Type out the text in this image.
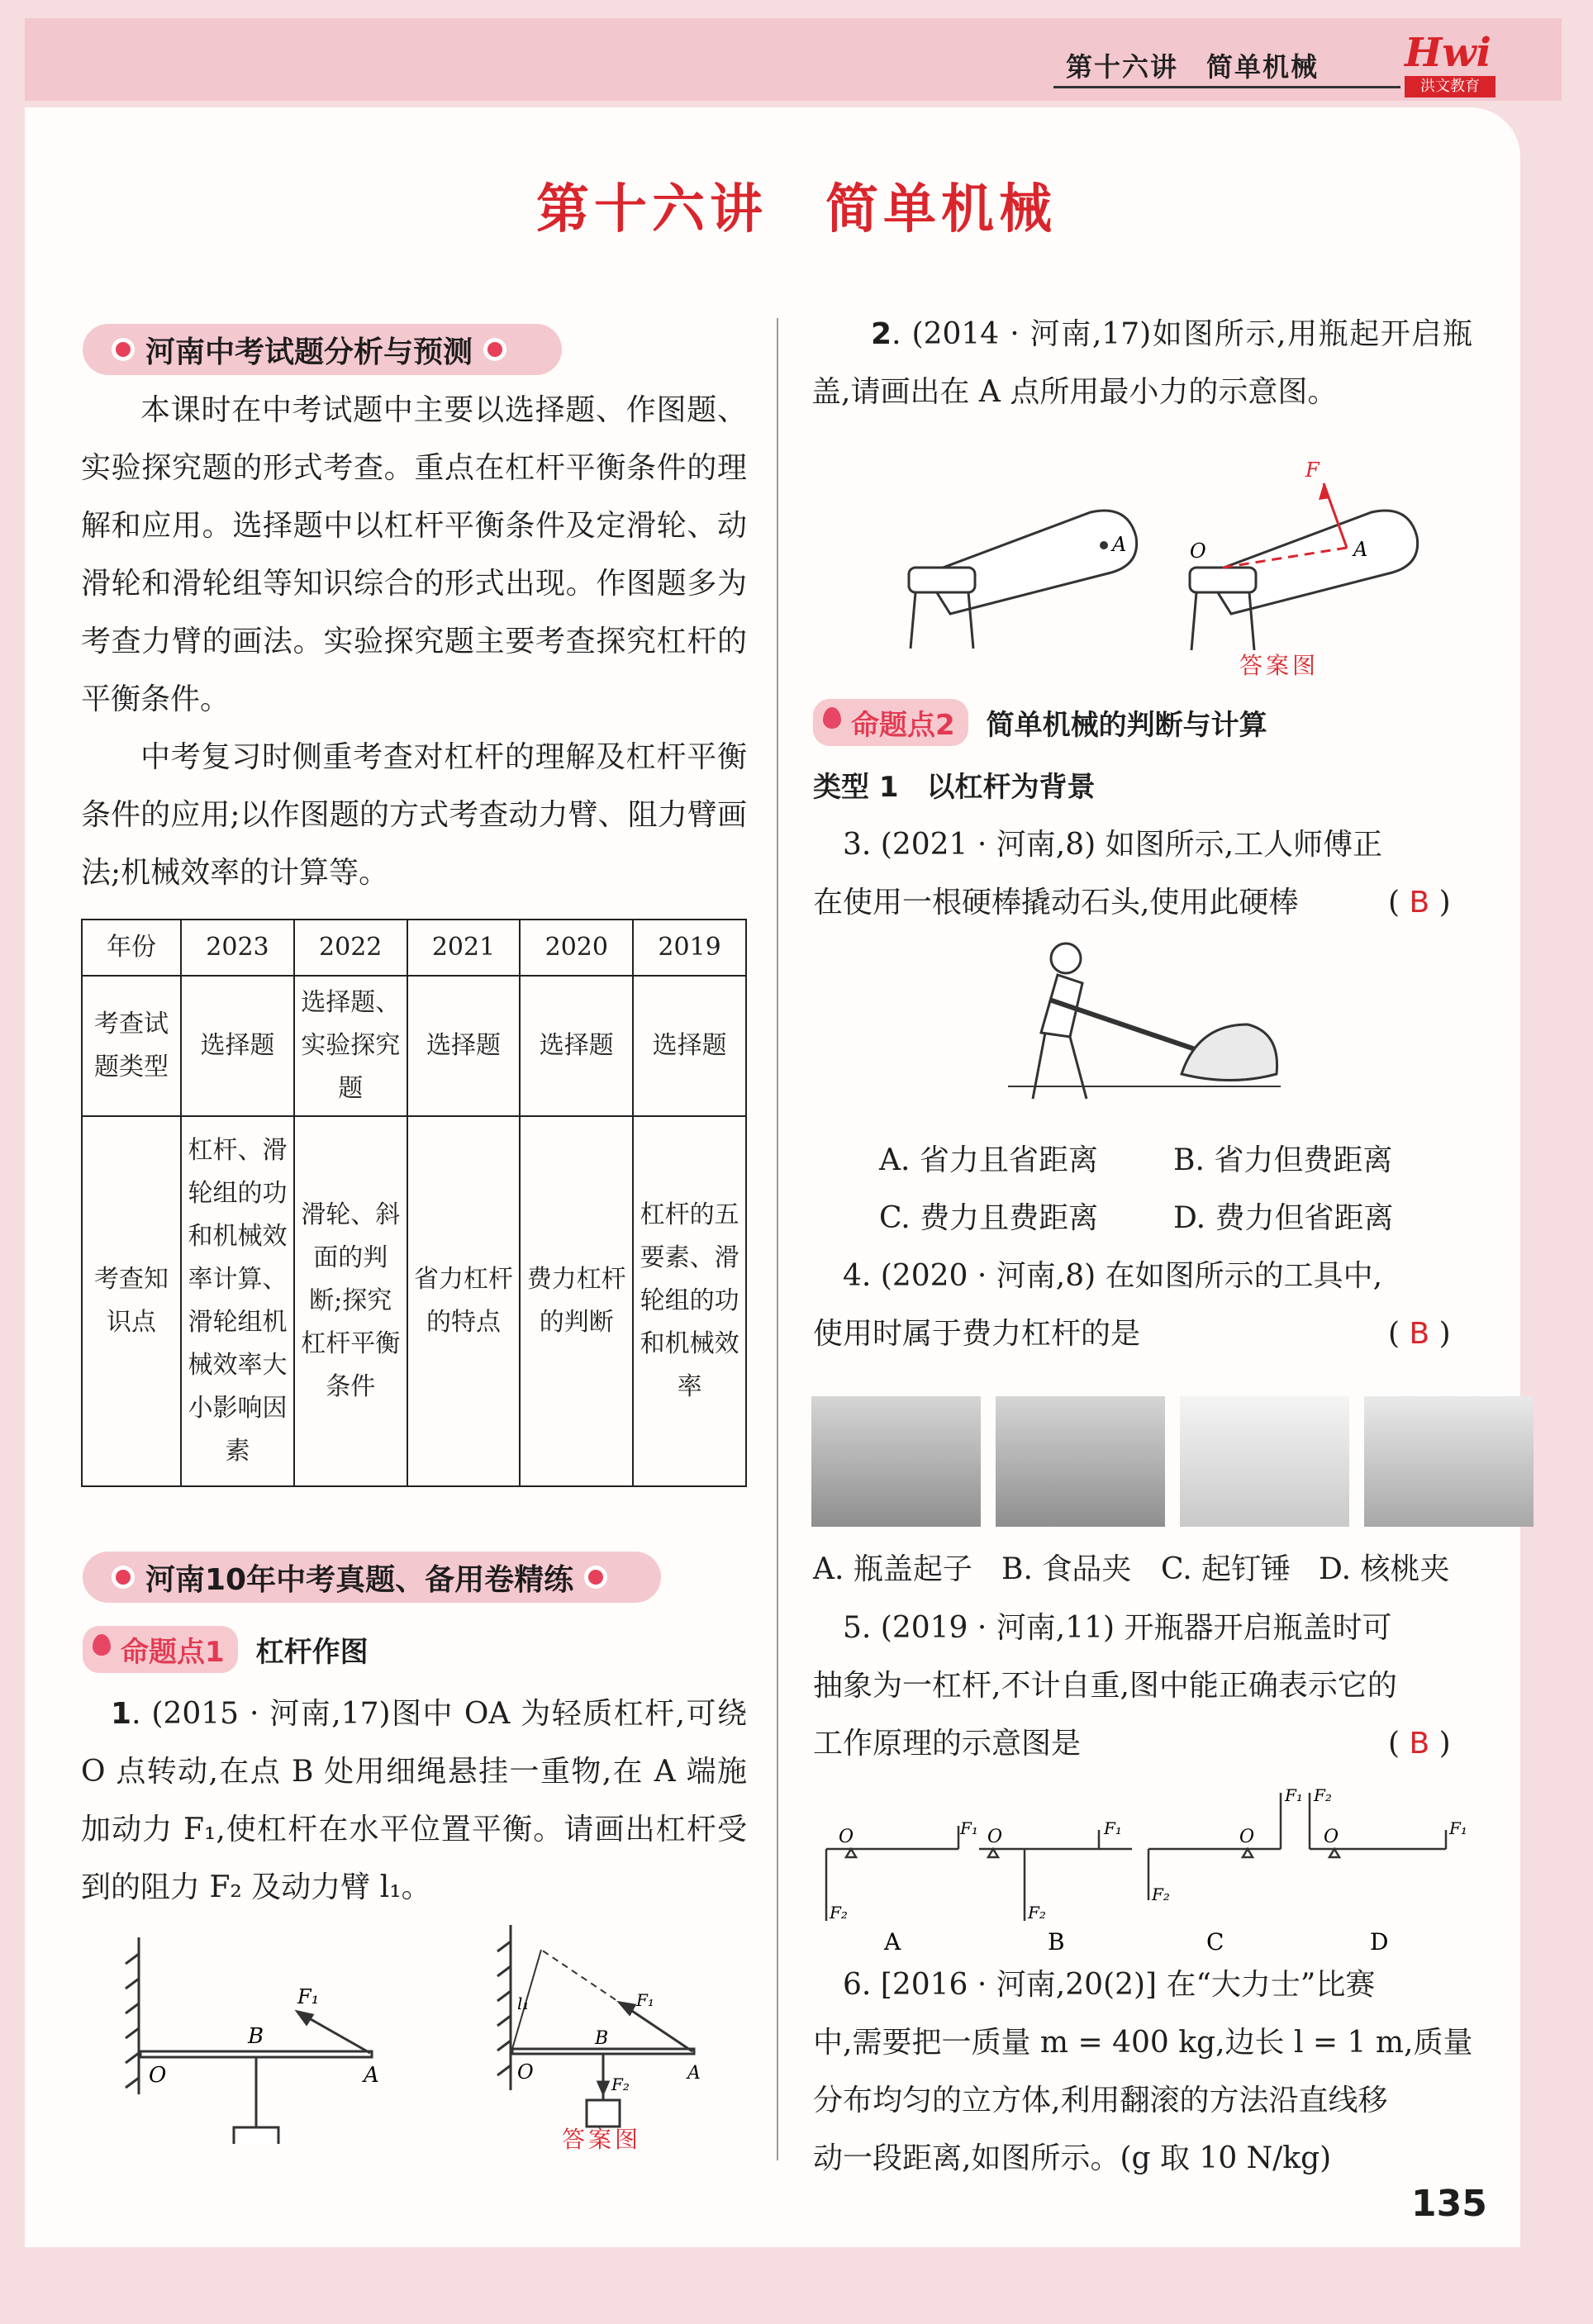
第十六讲　简单机械 Hwi
洪文教育
第十六讲　简单机械
河南中考试题分析与预测
本课时在中考试题中主要以选择题、作图题、实验探究题的形式考查。重点在杠杆平衡条件的理解和应用。选择题中以杠杆平衡条件及定滑轮、动滑轮和滑轮组等知识综合的形式出现。作图题多为考查力臂的画法。实验探究题主要考查探究杠杆的平衡条件。
中考复习时侧重考查对杠杆的理解及杠杆平衡条件的应用;以作图题的方式考查动力臂、阻力臂画法;机械效率的计算等。
年份	2023	2022	2021	2020	2019
考查试题类型	选择题	选择题、实验探究题	选择题	选择题	选择题
考查知识点	杠杆、滑轮组的功和机械效率计算、滑轮组机械效率大小影响因素	滑轮、斜面的判断;探究杠杆平衡条件	省力杠杆的特点	费力杠杆的判断	杠杆的五要素、滑轮组的功和机械效率
河南10年中考真题、备用卷精练
命题点1	杠杆作图
1. (2015 · 河南,17)图中 OA 为轻质杠杆,可绕 O 点转动,在点 B 处用细绳悬挂一重物,在 A 端施加动力 F₁,使杠杆在水平位置平衡。请画出杠杆受到的阻力 F₂ 及动力臂 l₁。
O
B
A
F₁
O
B
A
F₁
F₂
l₁
答案图
2. (2014 · 河南,17)如图所示,用瓶起开启瓶盖,请画出在 A 点所用最小力的示意图。
A
F
O	A
答案图
命题点2	简单机械的判断与计算
类型 1　以杠杆为背景
3. (2021 · 河南,8) 如图所示,工人师傅正
在使用一根硬棒撬动石头,使用此硬棒	( B )
A. 省力且省距离	B. 省力但费距离
C. 费力且费距离	D. 费力但省距离
4. (2020 · 河南,8) 在如图所示的工具中,
使用时属于费力杠杆的是	( B )
A. 瓶盖起子 B. 食品夹 C. 起钉锤 D. 核桃夹
5. (2019 · 河南,11) 开瓶器开启瓶盖时可
抽象为一杠杆,不计自重,图中能正确表示它的
工作原理的示意图是	( B )
O	O	O	O
F₁
F₂
F₁
F₂
F₁
F₂
F₂
F₁
A	B	C	D
6. [2016 · 河南,20(2)] 在“大力士”比赛
中,需要把一质量 m = 400 kg,边长 l = 1 m,质量
分布均匀的立方体,利用翻滚的方法沿直线移
动一段距离,如图所示。(g 取 10 N/kg)
135
